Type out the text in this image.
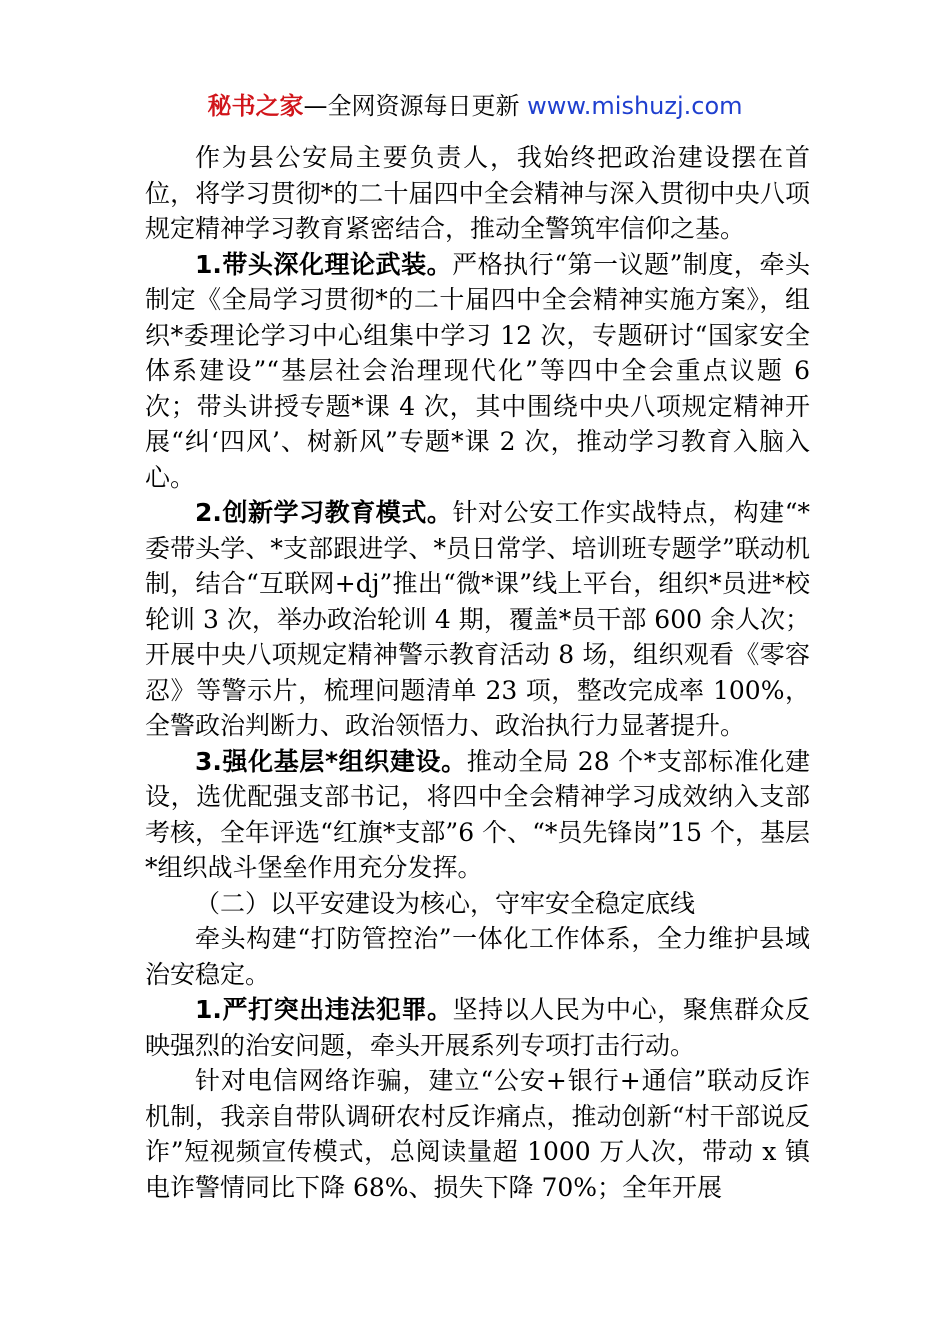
秘书之家—全网资源每日更新 www.mishuzj.com

作为县公安局主要负责人，我始终把政治建设摆在首位，将学习贯彻*的二十届四中全会精神与深入贯彻中央八项规定精神学习教育紧密结合，推动全警筑牢信仰之基。

1.带头深化理论武装。严格执行“第一议题”制度，牵头制定《全局学习贯彻*的二十届四中全会精神实施方案》，组织*委理论学习中心组集中学习 12 次，专题研讨“国家安全体系建设”“基层社会治理现代化”等四中全会重点议题 6 次；带头讲授专题*课 4 次，其中围绕中央八项规定精神开展“纠‘四风’、树新风”专题*课 2 次，推动学习教育入脑入心。

2.创新学习教育模式。针对公安工作实战特点，构建“*委带头学、*支部跟进学、*员日常学、培训班专题学”联动机制，结合“互联网+dj”推出“微*课”线上平台，组织*员进*校轮训 3 次，举办政治轮训 4 期，覆盖*员干部 600 余人次；开展中央八项规定精神警示教育活动 8 场，组织观看《零容忍》等警示片，梳理问题清单 23 项，整改完成率 100%，全警政治判断力、政治领悟力、政治执行力显著提升。

3.强化基层*组织建设。推动全局 28 个*支部标准化建设，选优配强支部书记，将四中全会精神学习成效纳入支部考核，全年评选“红旗*支部”6 个、“*员先锋岗”15 个，基层*组织战斗堡垒作用充分发挥。

（二）以平安建设为核心，守牢安全稳定底线

牵头构建“打防管控治”一体化工作体系，全力维护县域治安稳定。

1.严打突出违法犯罪。坚持以人民为中心，聚焦群众反映强烈的治安问题，牵头开展系列专项打击行动。

针对电信网络诈骗，建立“公安+银行+通信”联动反诈机制，我亲自带队调研农村反诈痛点，推动创新“村干部说反诈”短视频宣传模式，总阅读量超 1000 万人次，带动 x 镇电诈警情同比下降 68%、损失下降 70%；全年开展
